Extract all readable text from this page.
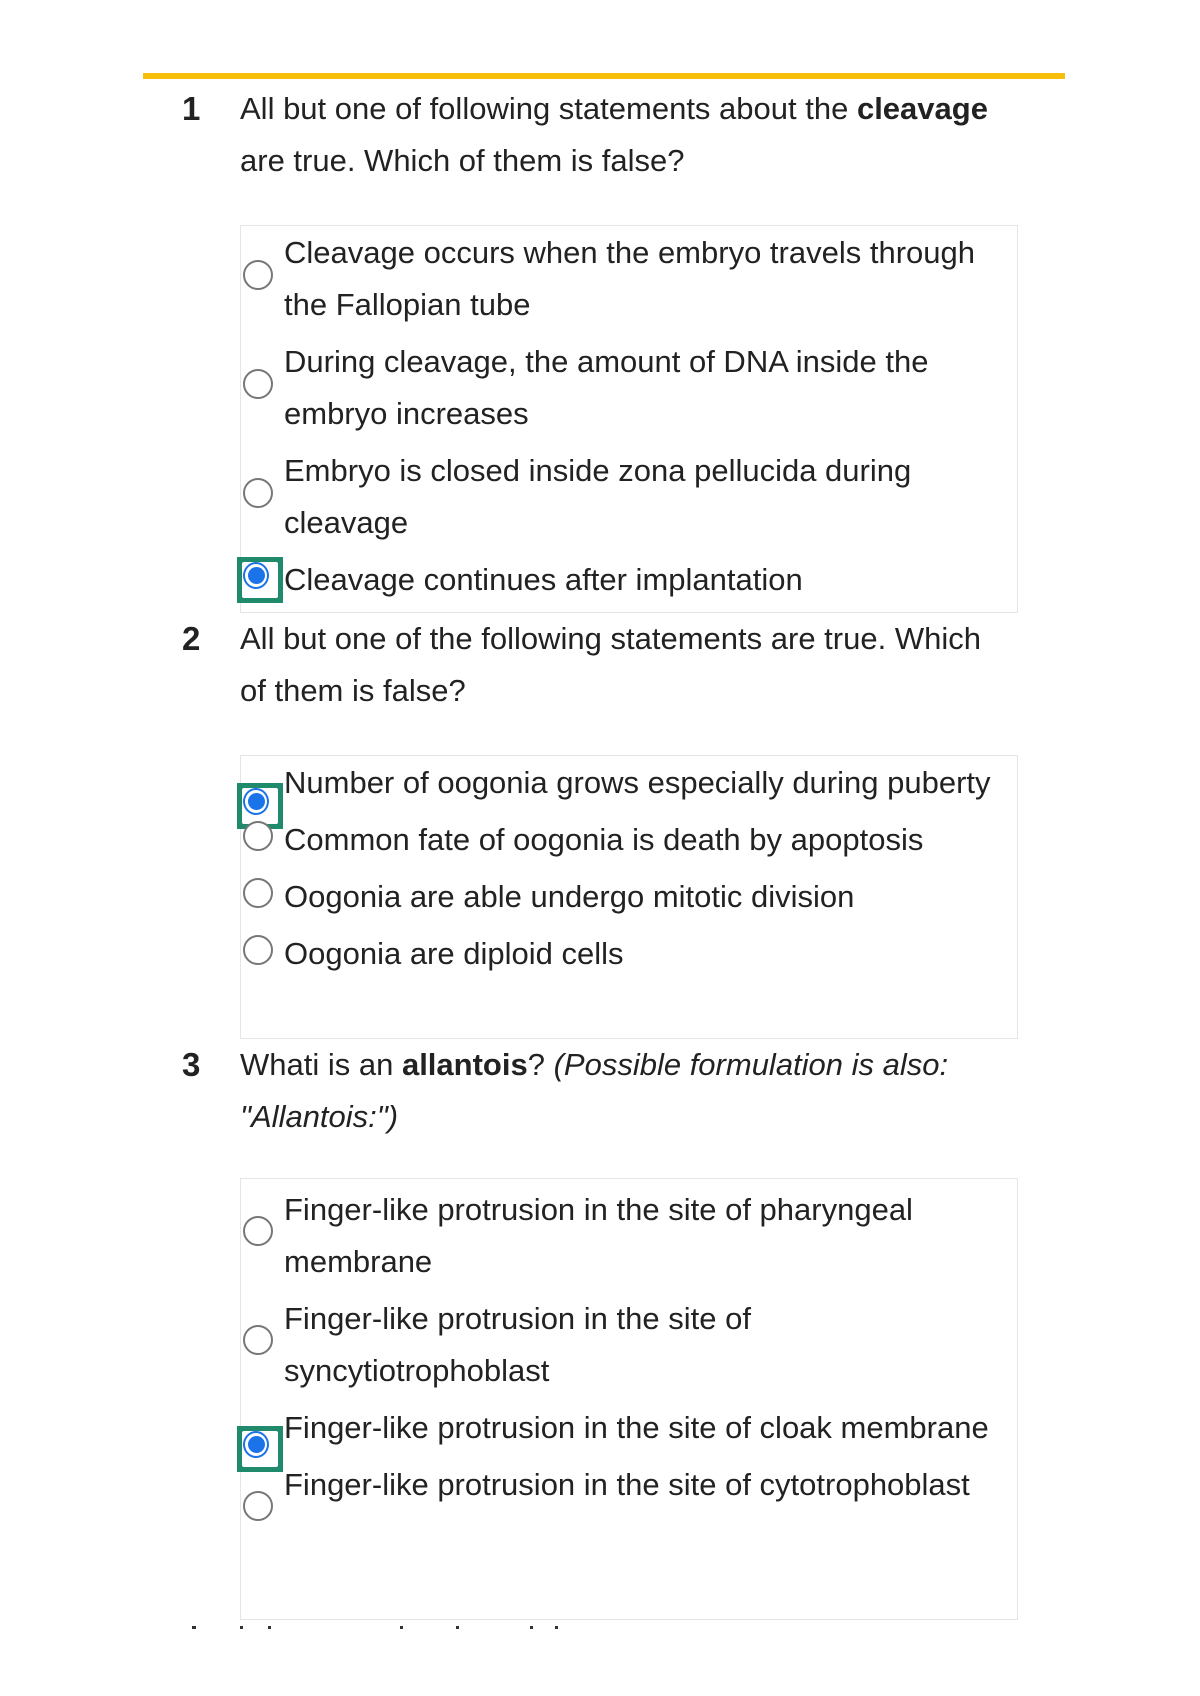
1 All but one of following statements about the cleavage are true. Which of them is false?
Cleavage occurs when the embryo travels through the Fallopian tube
During cleavage, the amount of DNA inside the embryo increases
Embryo is closed inside zona pellucida during cleavage
Cleavage continues after implantation
2 All but one of the following statements are true. Which of them is false?
Number of oogonia grows especially during puberty
Common fate of oogonia is death by apoptosis
Oogonia are able undergo mitotic division
Oogonia are diploid cells
3 Whati is an allantois? (Possible formulation is also: "Allantois:")
Finger-like protrusion in the site of pharyngeal membrane
Finger-like protrusion in the site of syncytiotrophoblast
Finger-like protrusion in the site of cloak membrane
Finger-like protrusion in the site of cytotrophoblast
